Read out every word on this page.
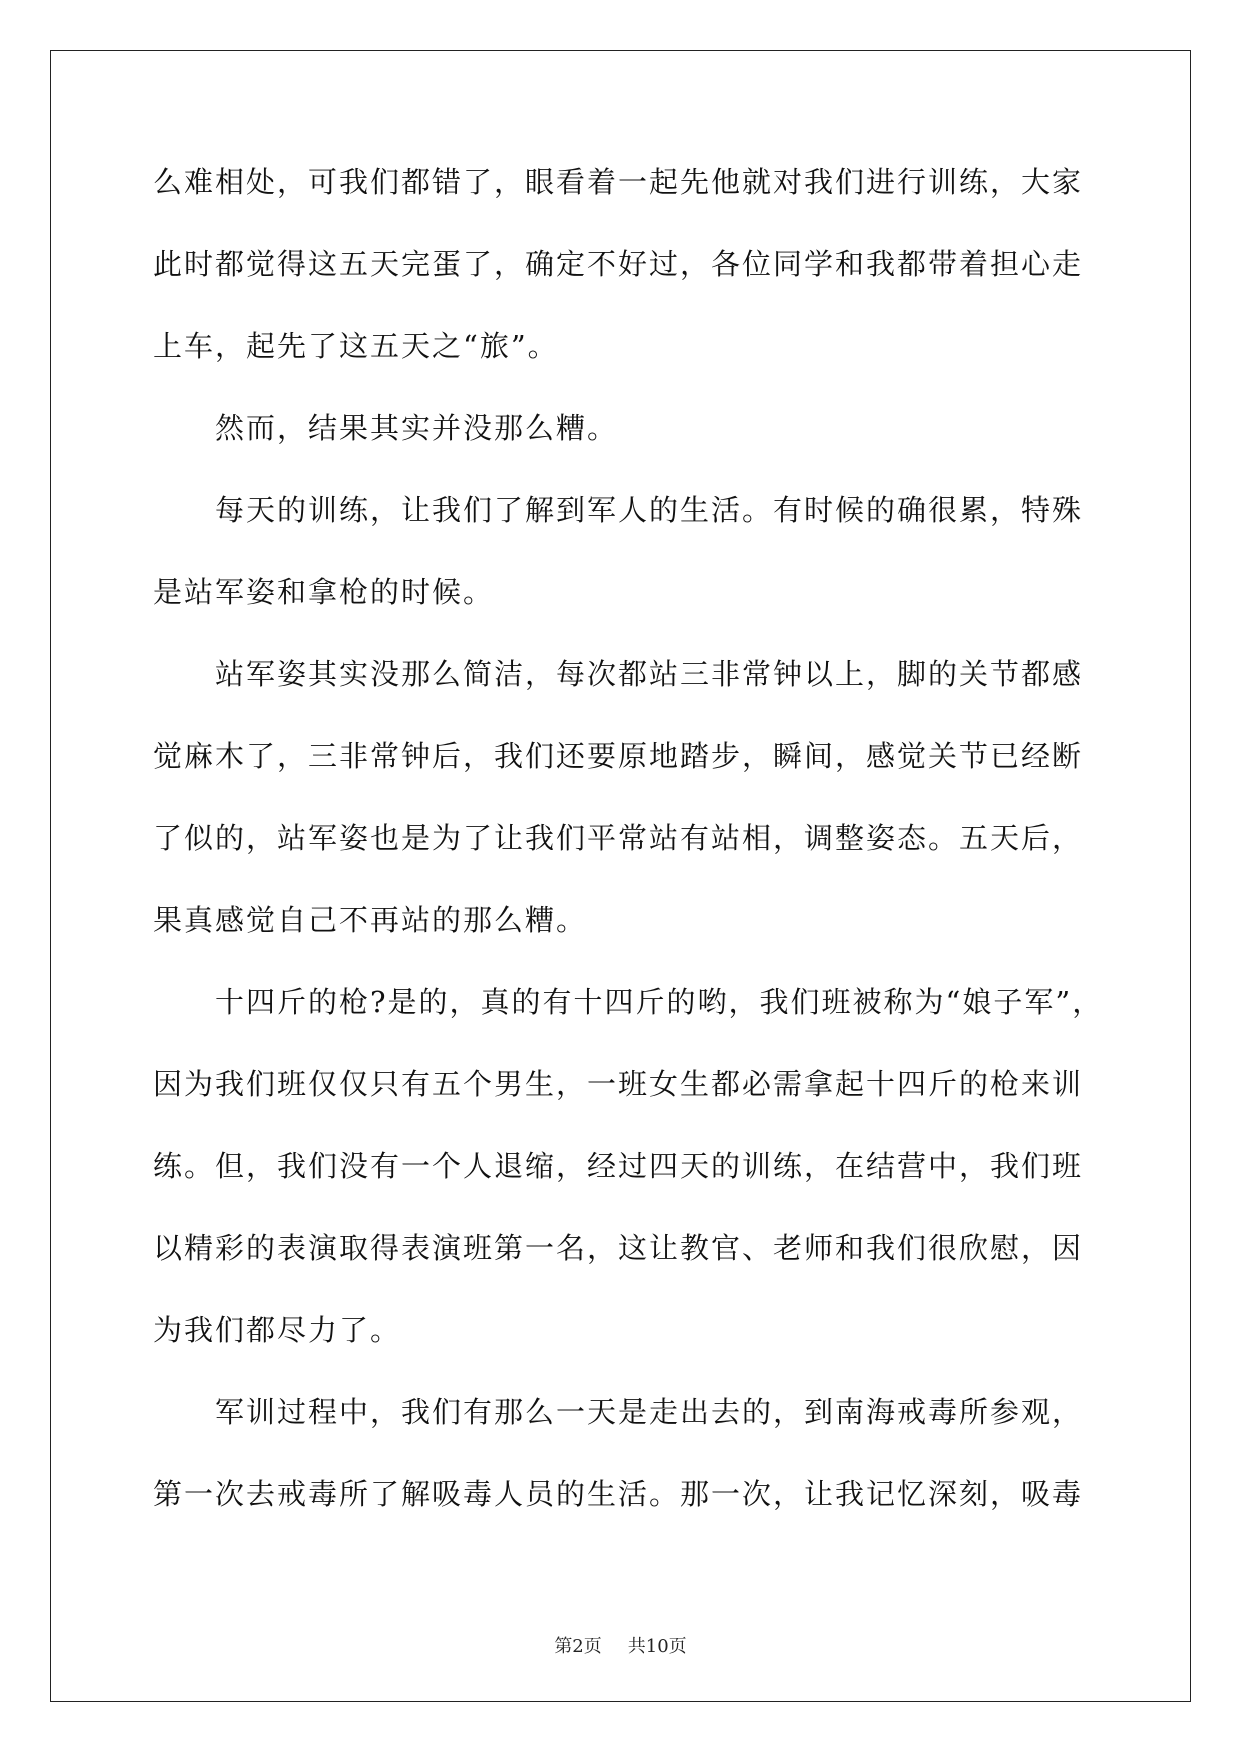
么难相处，可我们都错了，眼看着一起先他就对我们进行训练，大家
此时都觉得这五天完蛋了，确定不好过，各位同学和我都带着担心走
上车，起先了这五天之“旅”。
然而，结果其实并没那么糟。
每天的训练，让我们了解到军人的生活。有时候的确很累，特殊
是站军姿和拿枪的时候。
站军姿其实没那么简洁，每次都站三非常钟以上，脚的关节都感
觉麻木了，三非常钟后，我们还要原地踏步，瞬间，感觉关节已经断
了似的，站军姿也是为了让我们平常站有站相，调整姿态。五天后，
果真感觉自己不再站的那么糟。
十四斤的枪?是的，真的有十四斤的哟，我们班被称为“娘子军”，
因为我们班仅仅只有五个男生，一班女生都必需拿起十四斤的枪来训
练。但，我们没有一个人退缩，经过四天的训练，在结营中，我们班
以精彩的表演取得表演班第一名，这让教官、老师和我们很欣慰，因
为我们都尽力了。
军训过程中，我们有那么一天是走出去的，到南海戒毒所参观，
第一次去戒毒所了解吸毒人员的生活。那一次，让我记忆深刻，吸毒
第2页 共10页
